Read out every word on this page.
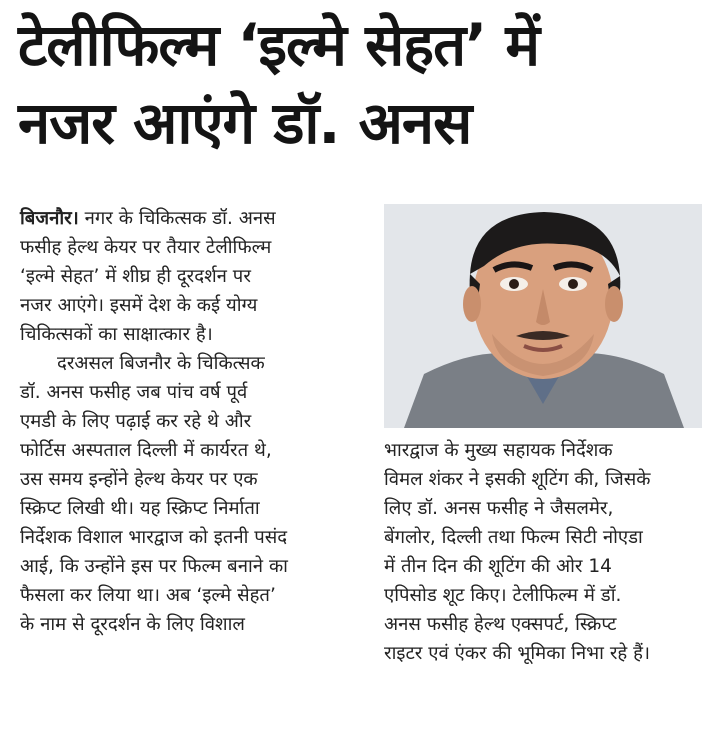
टेलीफिल्म ‘इल्मे सेहत’ में
नजर आएंगे डॉ. अनस
बिजनौर। नगर के चिकित्सक डॉ. अनस
फसीह हेल्थ केयर पर तैयार टेलीफिल्म
‘इल्मे सेहत’ में शीघ्र ही दूरदर्शन पर
नजर आएंगे। इसमें देश के कई योग्य
चिकित्सकों का साक्षात्कार है।
दरअसल बिजनौर के चिकित्सक
डॉ. अनस फसीह जब पांच वर्ष पूर्व
एमडी के लिए पढ़ाई कर रहे थे और
फोर्टिस अस्पताल दिल्ली में कार्यरत थे,
उस समय इन्होंने हेल्थ केयर पर एक
स्क्रिप्ट लिखी थी। यह स्क्रिप्ट निर्माता
निर्देशक विशाल भारद्वाज को इतनी पसंद
आई, कि उन्होंने इस पर फिल्म बनाने का
फैसला कर लिया था। अब ‘इल्मे सेहत’
के नाम से दूरदर्शन के लिए विशाल
भारद्वाज के मुख्य सहायक निर्देशक
विमल शंकर ने इसकी शूटिंग की, जिसके
लिए डॉ. अनस फसीह ने जैसलमेर,
बेंगलोर, दिल्ली तथा फिल्म सिटी नोएडा
में तीन दिन की शूटिंग की ओर 14
एपिसोड शूट किए। टेलीफिल्म में डॉ.
अनस फसीह हेल्थ एक्सपर्ट, स्क्रिप्ट
राइटर एवं एंकर की भूमिका निभा रहे हैं।
